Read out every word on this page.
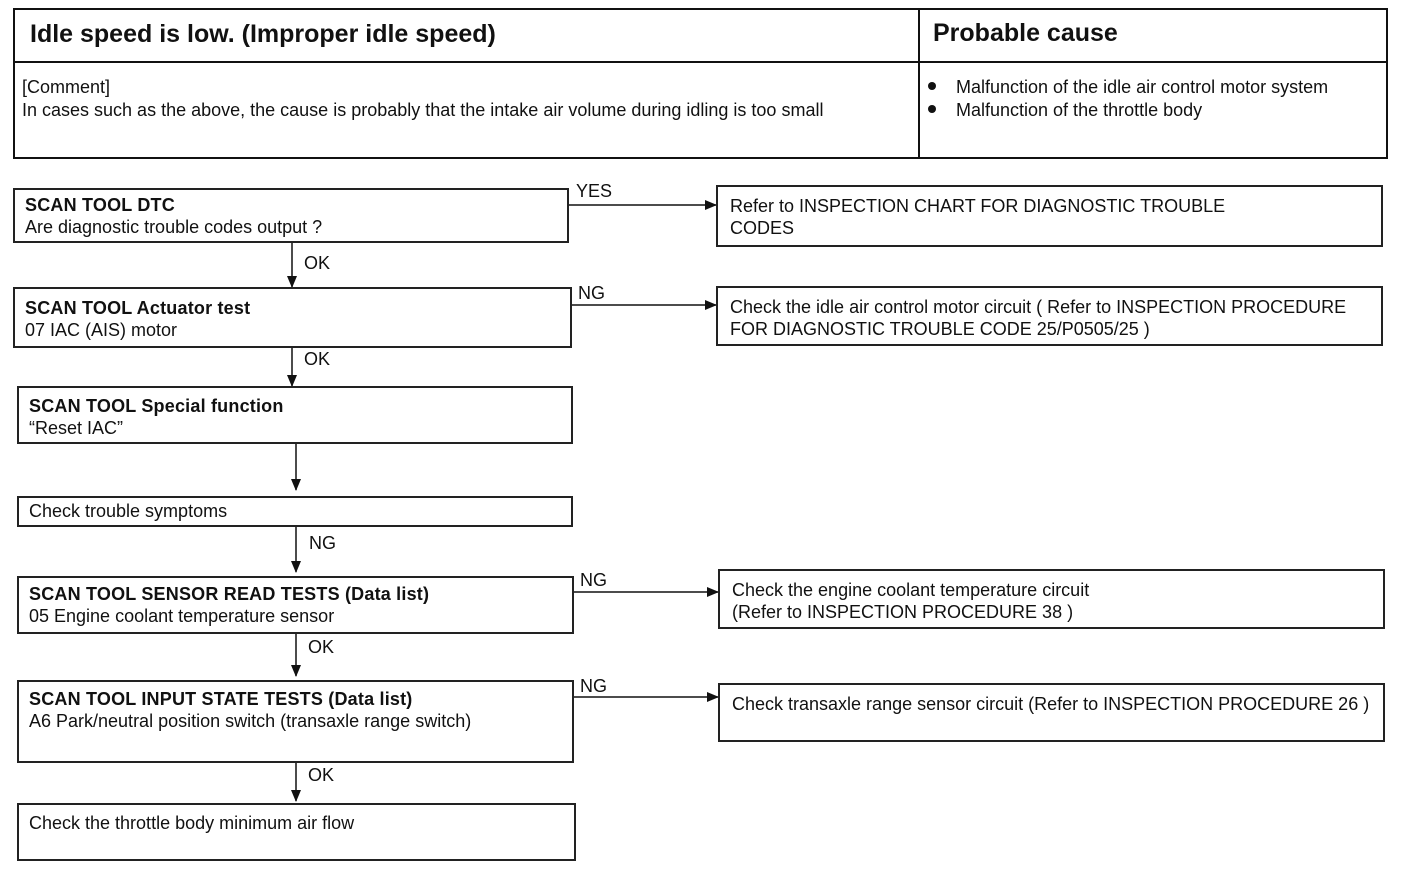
Idle speed is low. (Improper idle speed)	Probable cause
[Comment]
In cases such as the above, the cause is probably that the intake air volume during idling is too small
Malfunction of the idle air control motor system
Malfunction of the throttle body
SCAN TOOL DTC
Are diagnostic trouble codes output ?
YES
Refer to INSPECTION CHART FOR DIAGNOSTIC TROUBLE CODES
OK
SCAN TOOL Actuator test
07 IAC (AIS) motor
NG
Check the idle air control motor circuit ( Refer to INSPECTION PROCEDURE FOR DIAGNOSTIC TROUBLE CODE 25/P0505/25 )
OK
SCAN TOOL Special function
“Reset IAC”
Check trouble symptoms
NG
SCAN TOOL SENSOR READ TESTS (Data list)
05 Engine coolant temperature sensor
NG	Check the engine coolant temperature circuit
(Refer to INSPECTION PROCEDURE 38 )
OK
SCAN TOOL INPUT STATE TESTS (Data list)
A6 Park/neutral position switch (transaxle range switch)
NG
Check transaxle range sensor circuit (Refer to INSPECTION PROCEDURE 26 )
OK
Check the throttle body minimum air flow
